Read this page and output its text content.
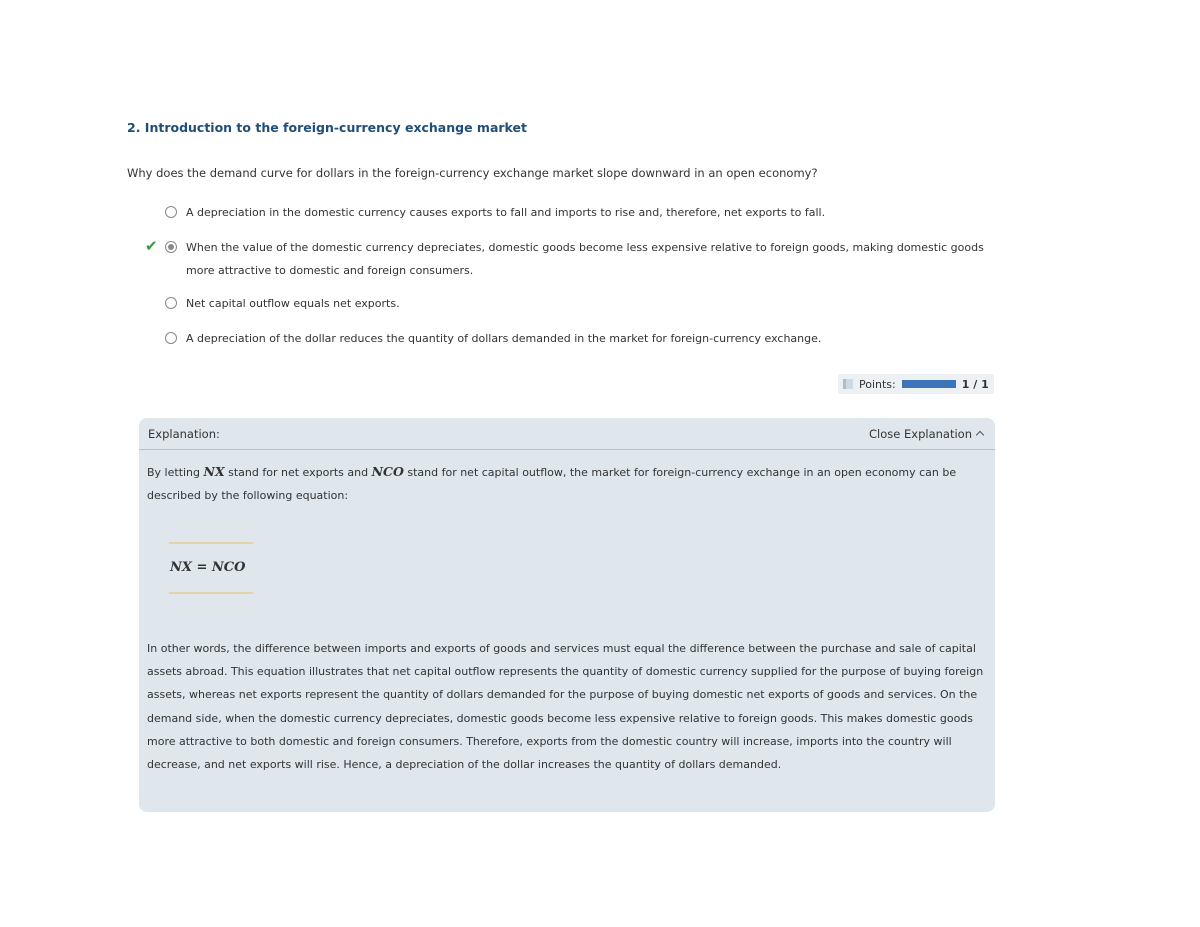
2. Introduction to the foreign-currency exchange market
Why does the demand curve for dollars in the foreign-currency exchange market slope downward in an open economy?
A depreciation in the domestic currency causes exports to fall and imports to rise and, therefore, net exports to fall.
✔	When the value of the domestic currency depreciates, domestic goods become less expensive relative to foreign goods, making domestic goods more attractive to domestic and foreign consumers.
Net capital outflow equals net exports.
A depreciation of the dollar reduces the quantity of dollars demanded in the market for foreign-currency exchange.
Points:	1 / 1
Explanation:	Close Explanation
By letting NX stand for net exports and NCO stand for net capital outflow, the market for foreign-currency exchange in an open economy can be described by the following equation:
NX = NCO
In other words, the difference between imports and exports of goods and services must equal the difference between the purchase and sale of capital assets abroad. This equation illustrates that net capital outflow represents the quantity of domestic currency supplied for the purpose of buying foreign assets, whereas net exports represent the quantity of dollars demanded for the purpose of buying domestic net exports of goods and services. On the demand side, when the domestic currency depreciates, domestic goods become less expensive relative to foreign goods. This makes domestic goods more attractive to both domestic and foreign consumers. Therefore, exports from the domestic country will increase, imports into the country will decrease, and net exports will rise. Hence, a depreciation of the dollar increases the quantity of dollars demanded.
